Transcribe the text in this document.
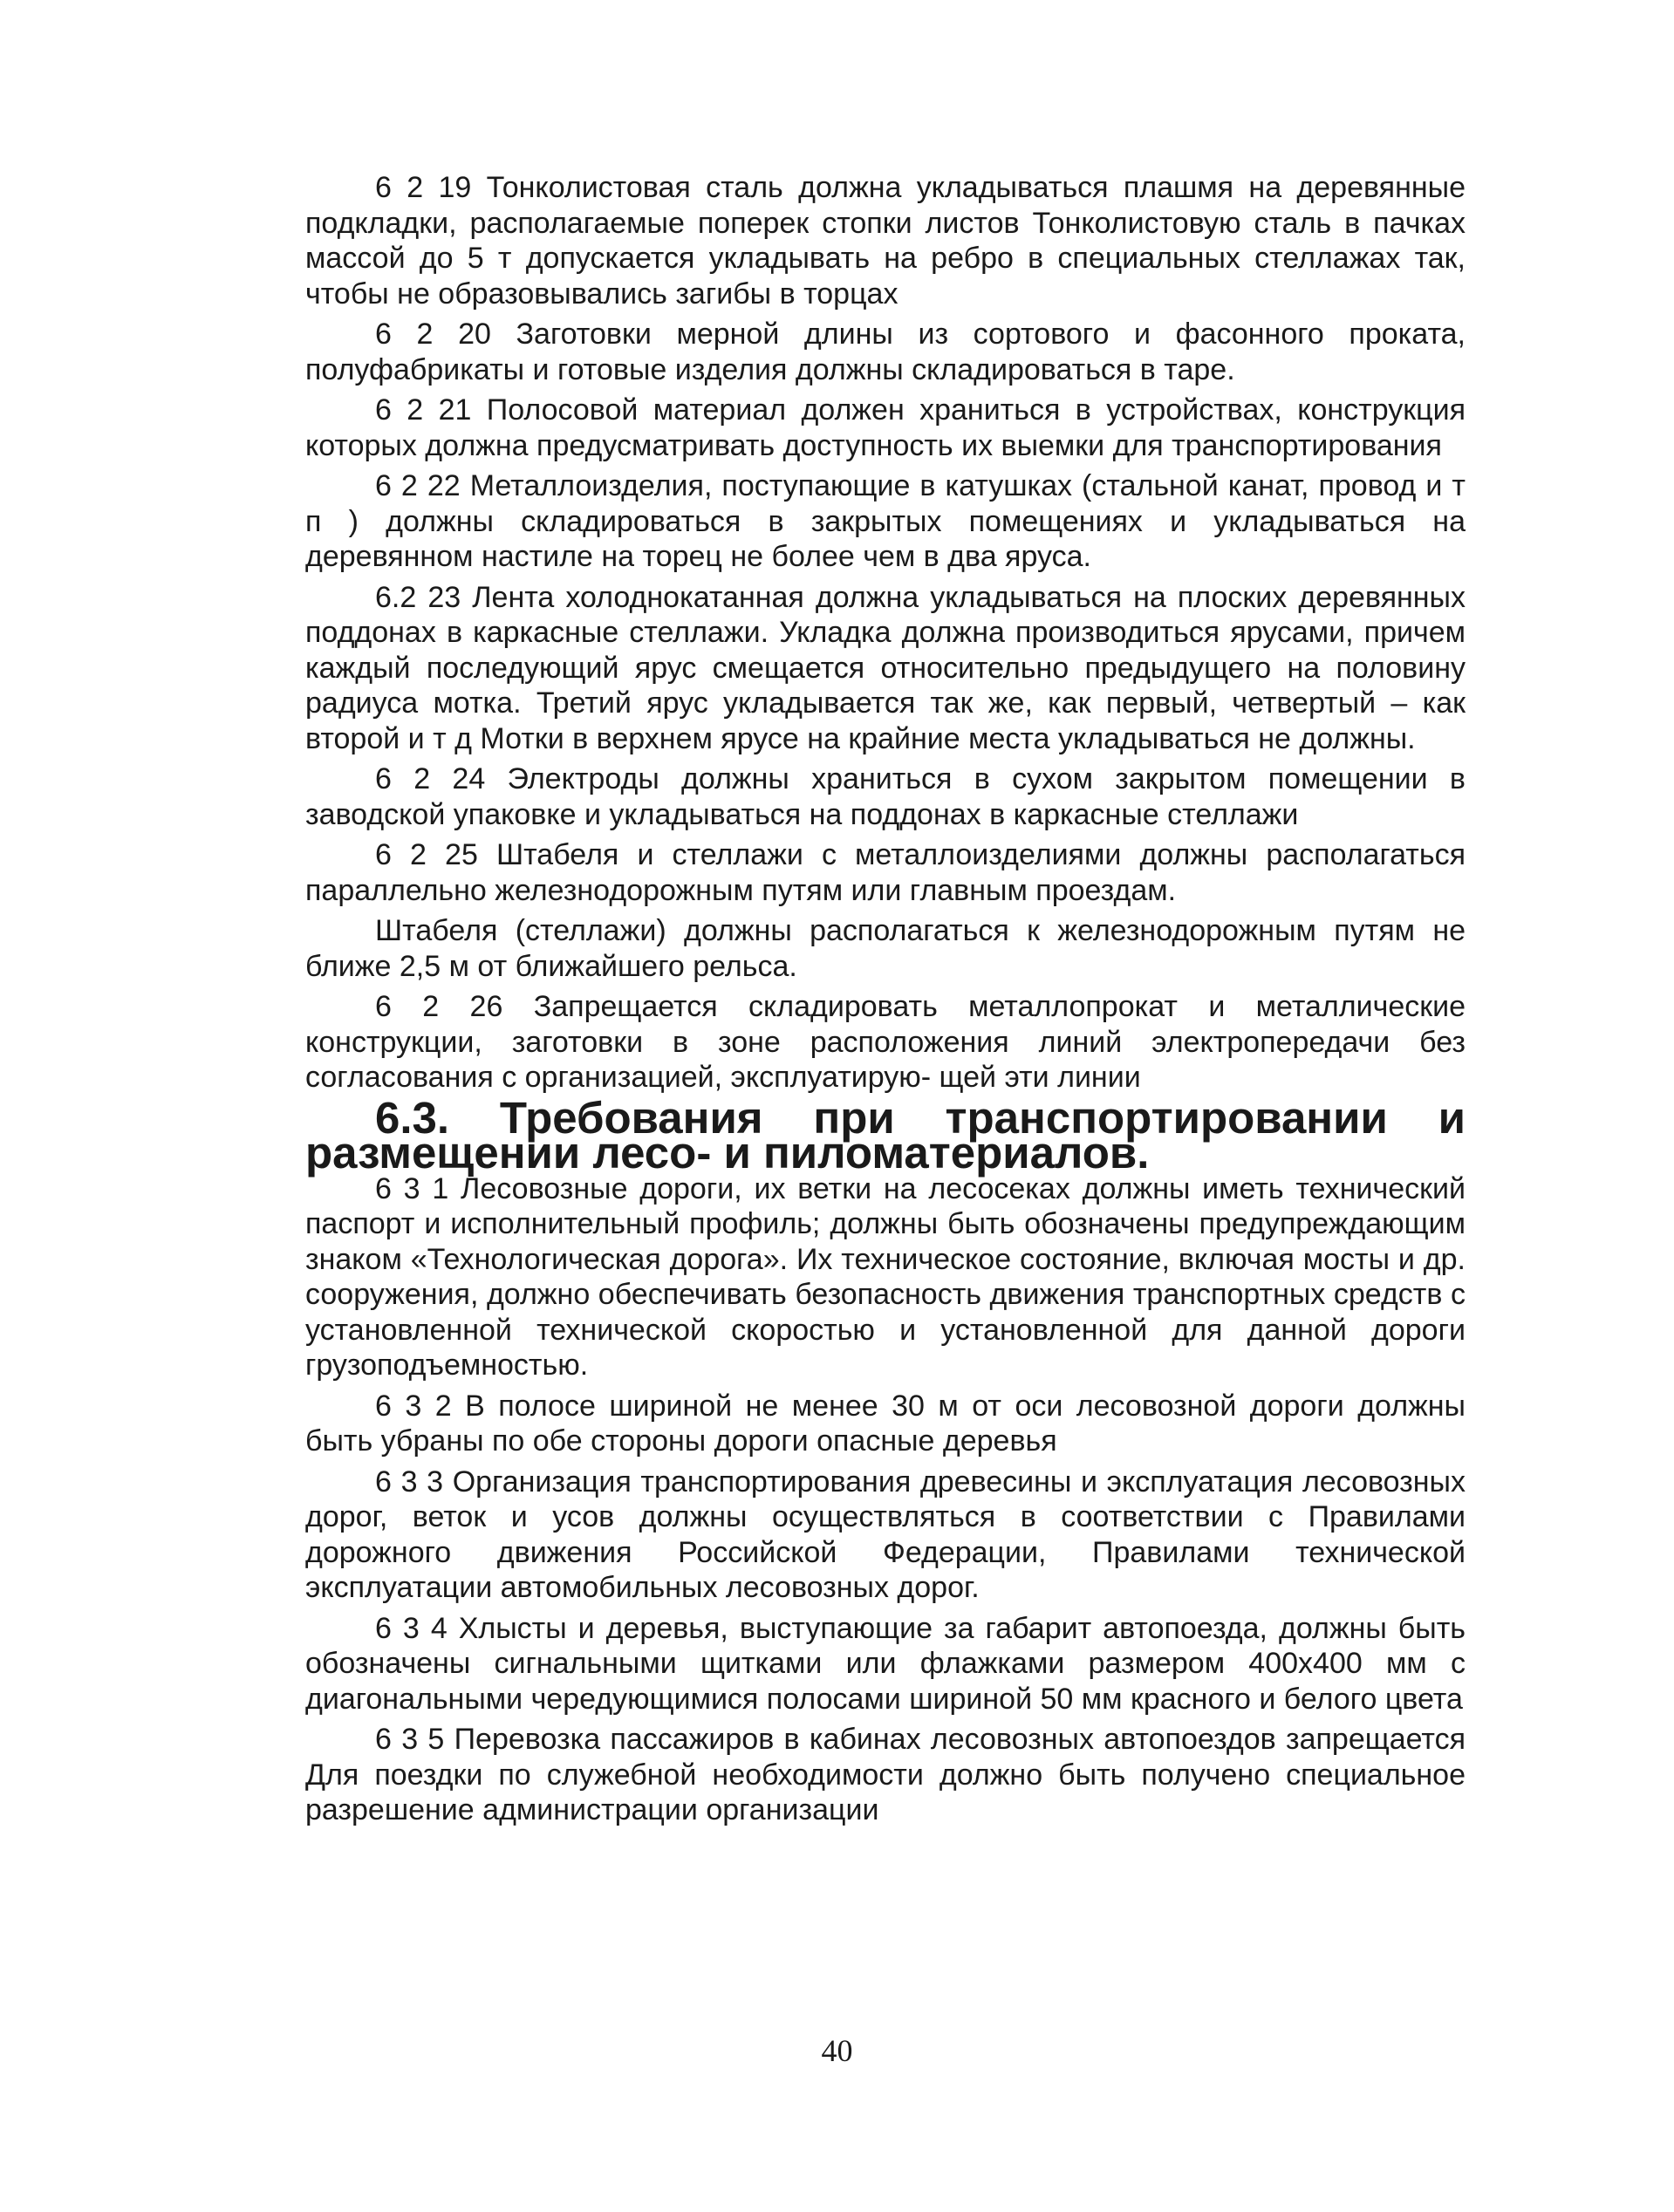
6 2 19 Тонколистовая сталь должна укладываться плашмя на деревянные подкладки, располагаемые поперек стопки листов Тонколистовую сталь в пачках массой до 5 т допускается укладывать на ребро в специальных стеллажах так, чтобы не образовывались загибы в торцах

6 2 20 Заготовки мерной длины из сортового и фасонного проката, полуфабрикаты и готовые изделия должны складироваться в таре.

6 2 21 Полосовой материал должен храниться в устройствах, конструкция которых должна предусматривать доступность их выемки для транспортирования

6 2 22 Металлоизделия, поступающие в катушках (стальной канат, провод и т п ) должны складироваться в закрытых помещениях и укладываться на деревянном настиле на торец не более чем в два яруса.

6.2 23 Лента холоднокатанная должна укладываться на плоских деревянных поддонах в каркасные стеллажи. Укладка должна производиться ярусами, причем каждый последующий ярус смещается относительно предыдущего на половину радиуса мотка. Третий ярус укладывается так же, как первый, четвертый – как второй и т д Мотки в верхнем ярусе на крайние места укладываться не должны.

6 2 24 Электроды должны храниться в сухом закрытом помещении в заводской упаковке и укладываться на поддонах в каркасные стеллажи

6 2 25 Штабеля и стеллажи с металлоизделиями должны располагаться параллельно железнодорожным путям или главным проездам.

Штабеля (стеллажи) должны располагаться к железнодорожным путям не ближе 2,5 м от ближайшего рельса.

6 2 26 Запрещается складировать металлопрокат и металлические конструкции, заготовки в зоне расположения линий электропередачи без согласования с организацией, эксплуатирую- щей эти линии

6.3. Требования при транспортировании и размещении лесо- и пиломатериалов.

6 3 1 Лесовозные дороги, их ветки на лесосеках должны иметь технический паспорт и исполнительный профиль; должны быть обозначены предупреждающим знаком «Технологическая дорога». Их техническое состояние, включая мосты и др. сооружения, должно обеспечивать безопасность движения транспортных средств с установленной технической скоростью и установленной для данной дороги грузоподъемностью.

6 3 2 В полосе шириной не менее 30 м от оси лесовозной дороги должны быть убраны по обе стороны дороги опасные деревья

6 3 3 Организация транспортирования древесины и эксплуатация лесовозных дорог, веток и усов должны осуществляться в соответствии с Правилами дорожного движения Российской Федерации, Правилами технической эксплуатации автомобильных лесовозных дорог.

6 3 4 Хлысты и деревья, выступающие за габарит автопоезда, должны быть обозначены сигнальными щитками или флажками размером 400x400 мм с диагональными чередующимися полосами шириной 50 мм красного и белого цвета

6 3 5 Перевозка пассажиров в кабинах лесовозных автопоездов запрещается Для поездки по служебной необходимости должно быть получено специальное разрешение администрации организации

40
